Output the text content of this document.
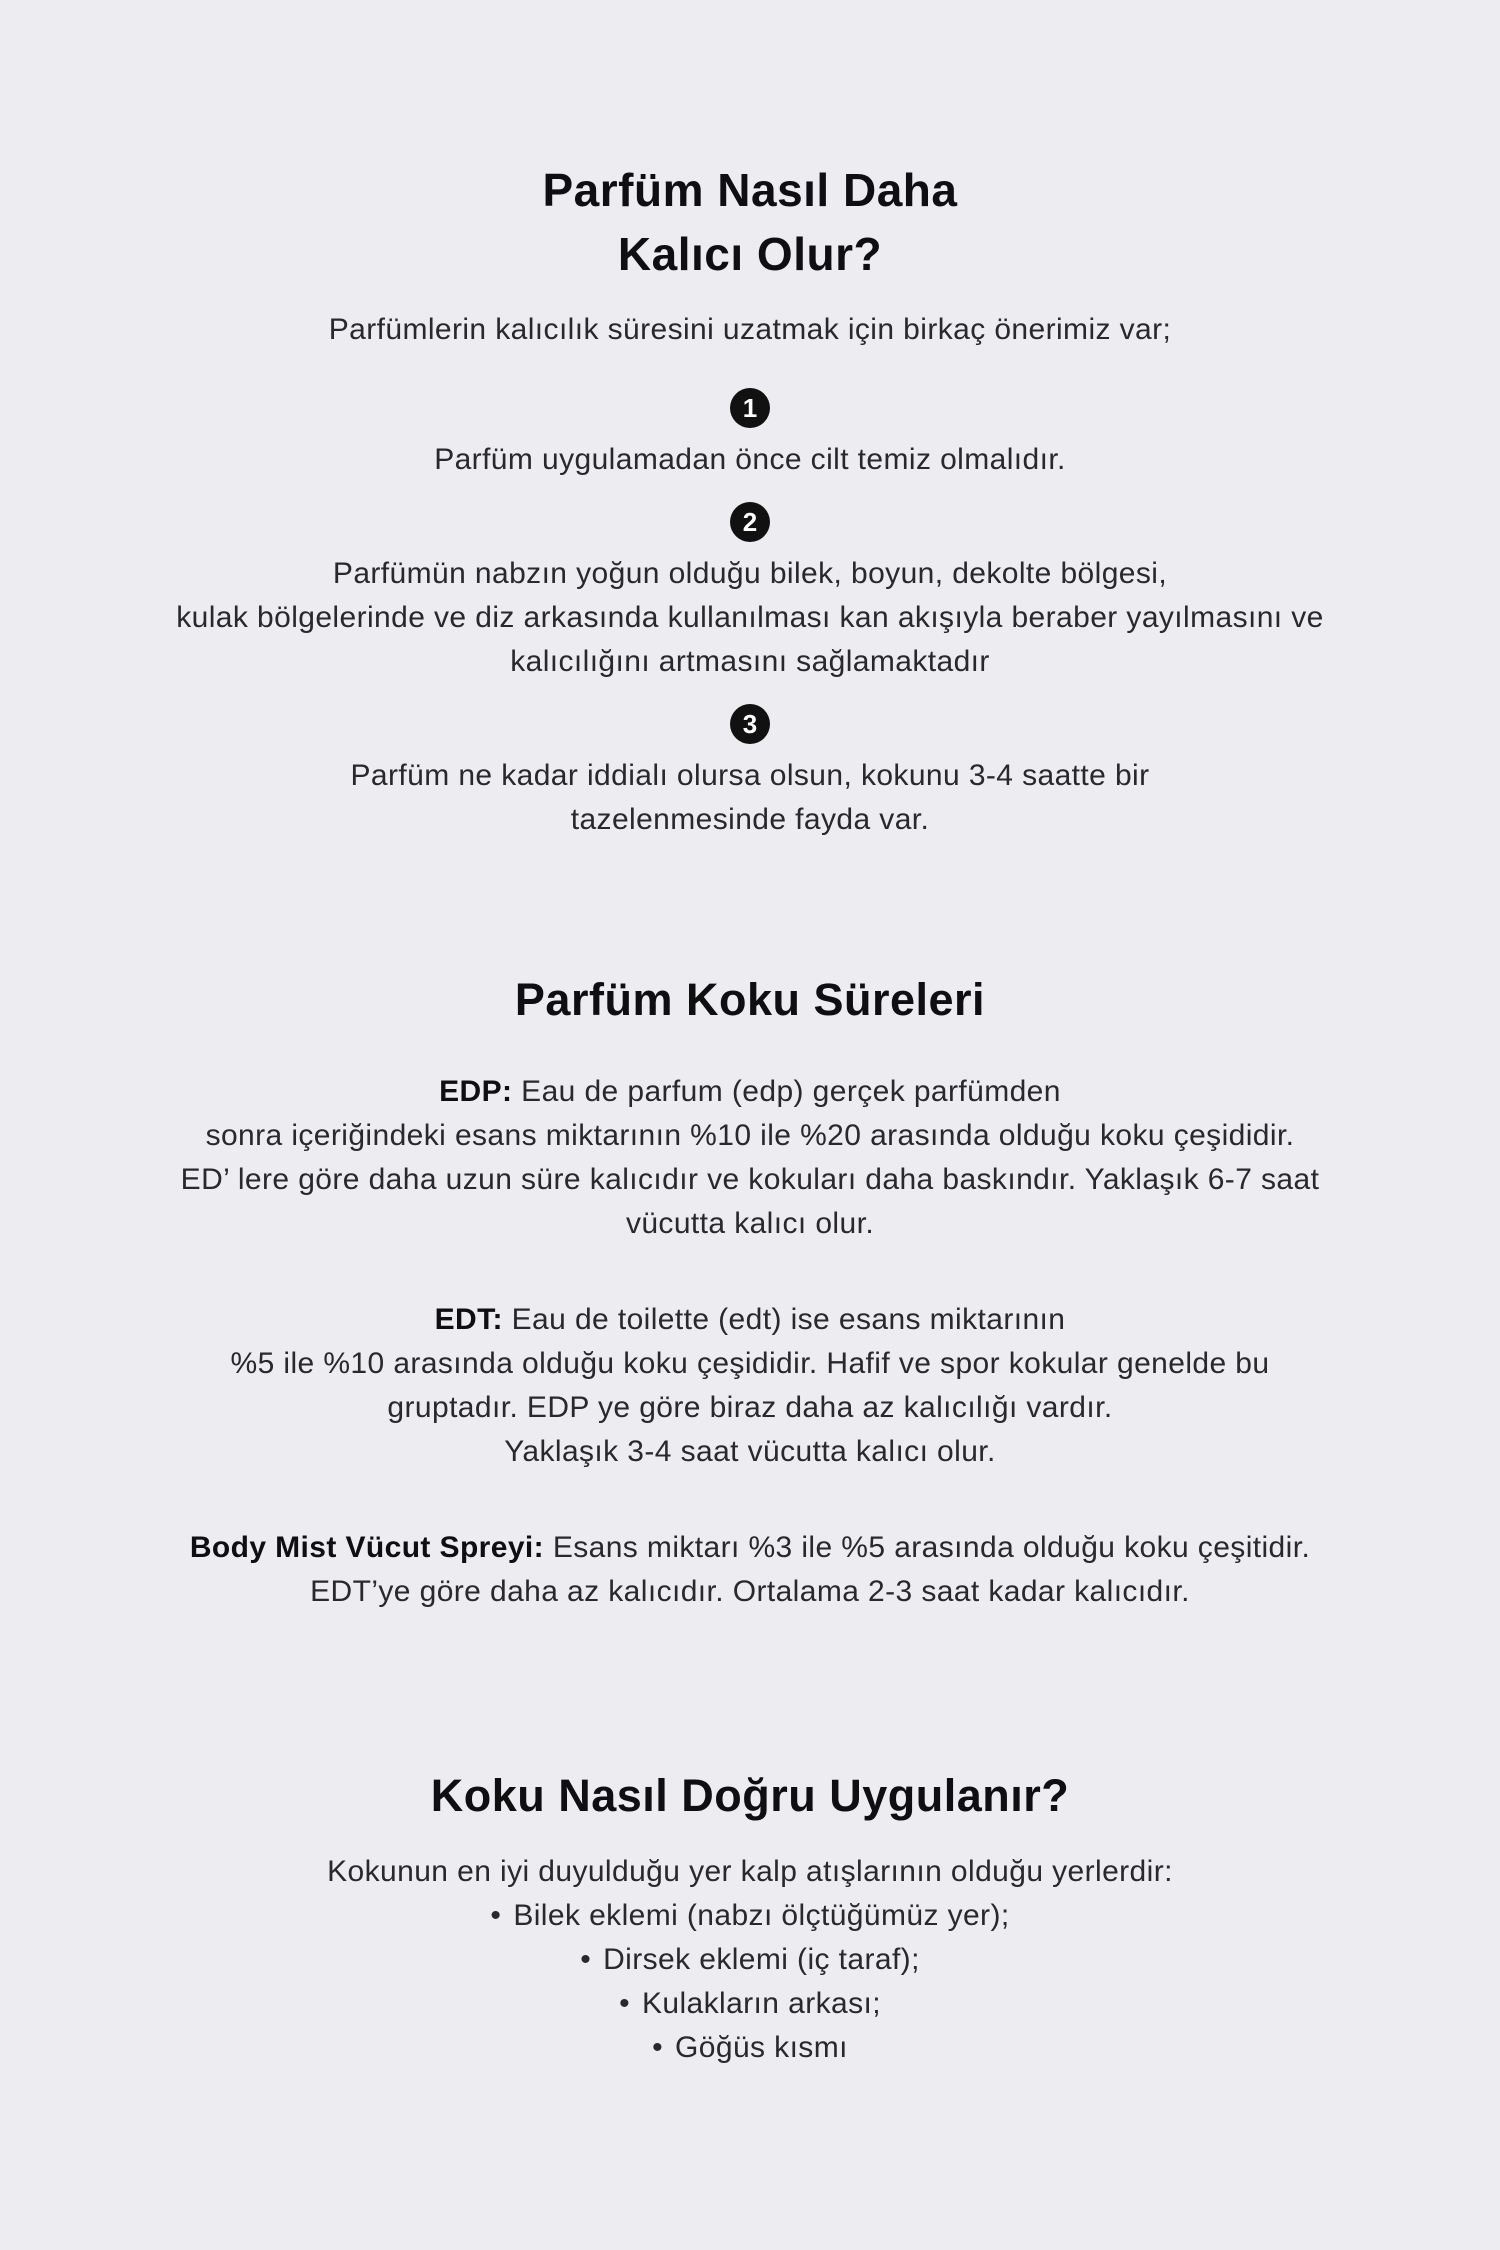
Parfüm Nasıl Daha
Kalıcı Olur?

Parfümlerin kalıcılık süresini uzatmak için birkaç önerimiz var;

1

Parfüm uygulamadan önce cilt temiz olmalıdır.

2

Parfümün nabzın yoğun olduğu bilek, boyun, dekolte bölgesi,

kulak bölgelerinde ve diz arkasında kullanılması kan akışıyla beraber yayılmasını ve

kalıcılığını artmasını sağlamaktadır

3

Parfüm ne kadar iddialı olursa olsun, kokunu 3-4 saatte bir

tazelenmesinde fayda var.

Parfüm Koku Süreleri

EDP: Eau de parfum (edp) gerçek parfümden

sonra içeriğindeki esans miktarının %10 ile %20 arasında olduğu koku çeşididir.

ED’ lere göre daha uzun süre kalıcıdır ve kokuları daha baskındır. Yaklaşık 6-7 saat

vücutta kalıcı olur.

EDT: Eau de toilette (edt) ise esans miktarının

%5 ile %10 arasında olduğu koku çeşididir. Hafif ve spor kokular genelde bu

gruptadır. EDP ye göre biraz daha az kalıcılığı vardır.

Yaklaşık 3-4 saat vücutta kalıcı olur.

Body Mist Vücut Spreyi: Esans miktarı %3 ile %5 arasında olduğu koku çeşitidir.

EDT’ye göre daha az kalıcıdır. Ortalama 2-3 saat kadar kalıcıdır.

Koku Nasıl Doğru Uygulanır?

Kokunun en iyi duyulduğu yer kalp atışlarının olduğu yerlerdir:

• Bilek eklemi (nabzı ölçtüğümüz yer);
• Dirsek eklemi (iç taraf);
• Kulakların arkası;
• Göğüs kısmı
